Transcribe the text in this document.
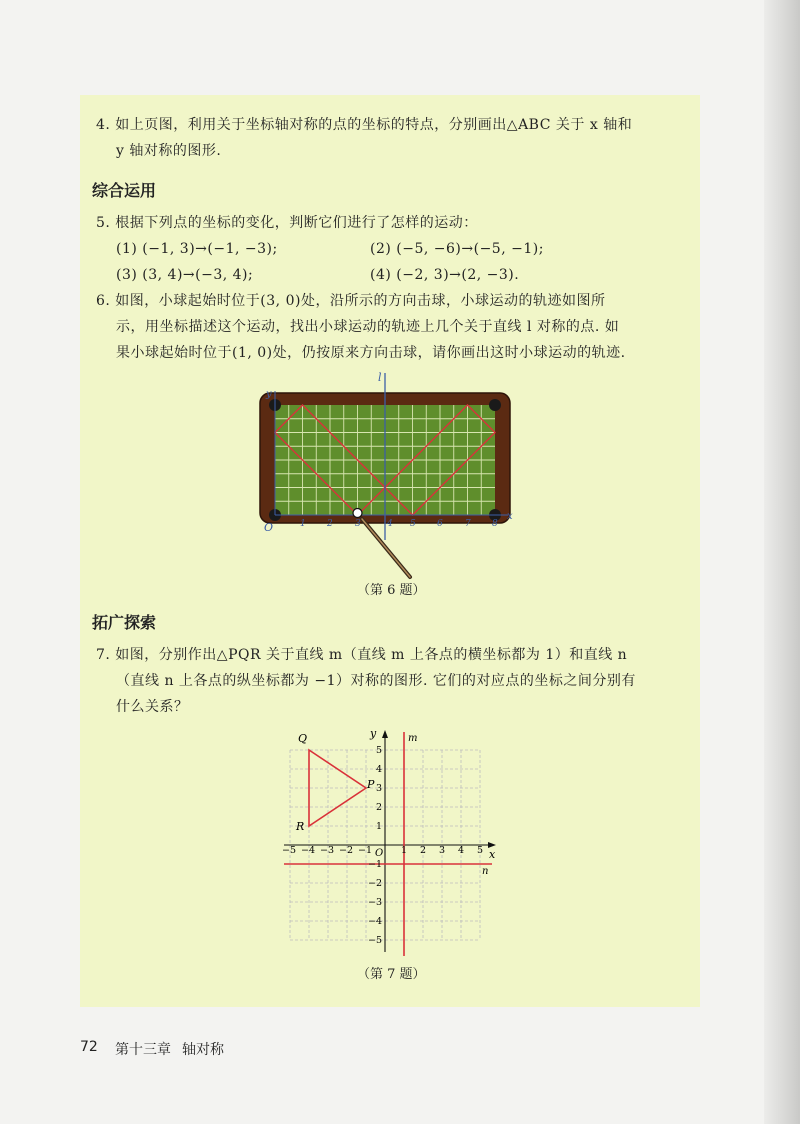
4. 如上页图，利用关于坐标轴对称的点的坐标的特点，分别画出△ABC 关于 x 轴和
y 轴对称的图形.
综合运用
5. 根据下列点的坐标的变化，判断它们进行了怎样的运动：
(1) (−1, 3)→(−1, −3);	(2) (−5, −6)→(−5, −1);
(3) (3, 4)→(−3, 4);	(4) (−2, 3)→(2, −3).
6. 如图，小球起始时位于(3, 0)处，沿所示的方向击球，小球运动的轨迹如图所
示，用坐标描述这个运动，找出小球运动的轨迹上几个关于直线 l 对称的点. 如
果小球起始时位于(1, 0)处，仍按原来方向击球，请你画出这时小球运动的轨迹.
l
y
x
O	1 2 3	4 5 6 7 8
（第 6 题）
拓广探索
7. 如图，分别作出△PQR 关于直线 m（直线 m 上各点的横坐标都为 1）和直线 n
（直线 n 上各点的纵坐标都为 −1）对称的图形. 它们的对应点的坐标之间分别有
什么关系？
x
y
O
m
n
−5 −4 −3 −2 −1	1 2 3 4 5
5
4
3
2
1
−1
−2
−3
−4
−5
Q
P
R
（第 7 题）
72 第十三章 轴对称
